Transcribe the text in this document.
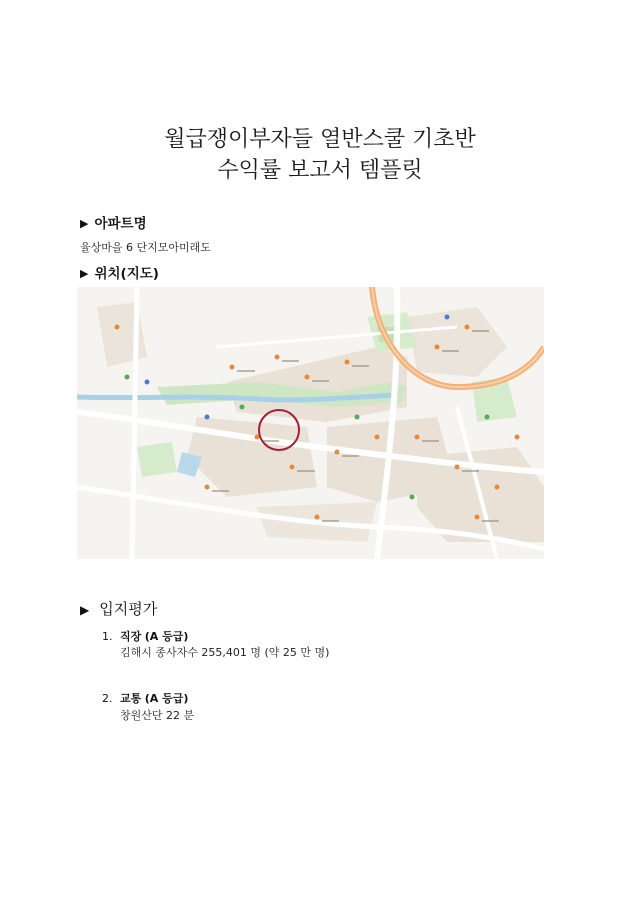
월급쟁이부자들 열반스쿨 기초반
수익률 보고서 템플릿
▶ 아파트명
율상마을 6 단지모아미래도
▶ 위치(지도)
▶ 입지평가
1. 직장 (A 등급)
김해시 종사자수 255,401 명 (약 25 만 명)
2. 교통 (A 등급)
창원산단 22 분
